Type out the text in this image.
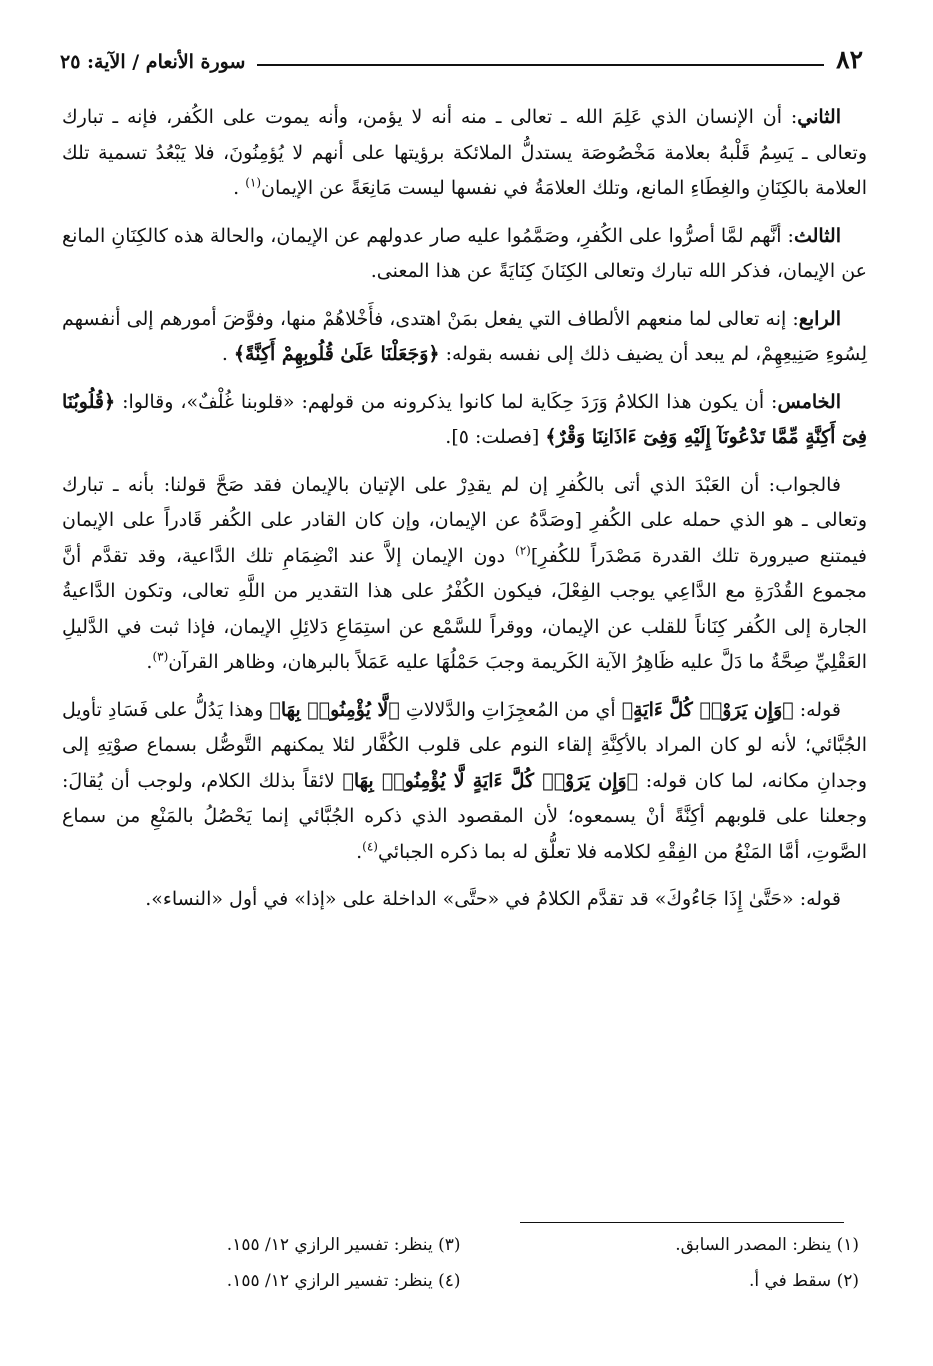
٨٢
سورة الأنعام / الآية: ٢٥

الثاني: أن الإنسان الذي عَلِمَ الله ـ تعالى ـ منه أنه لا يؤمن، وأنه يموت على الكُفر، فإنه ـ تبارك وتعالى ـ يَسِمُ قَلْبهُ بعلامة مَخْصُوصَة يستدلُّ الملائكة برؤيتها على أنهم لا يُؤمِنُونَ، فلا يَبْعُدُ تسمية تلك العلامة بالكِنَانِ والغِطَاءِ المانع، وتلك العلامَةُ في نفسها ليست مَانِعَةً عن الإيمان$^{(١)}$ .

الثالث: أنَّهم لمَّا أصرُّوا على الكُفرِ، وصَمَّمُوا عليه صار عدولهم عن الإيمان، والحالة هذه كالكِنَانِ المانع عن الإيمان، فذكر الله تبارك وتعالى الكِنَانَ كِنَايَةً عن هذا المعنى.

الرابع: إنه تعالى لما منعهم الألطاف التي يفعل بمَنْ اهتدى، فأَخْلاهُمْ منها، وفوَّضَ أمورهم إلى أنفسهم لِسُوءِ صَنِيعِهِمْ، لم يبعد أن يضيف ذلك إلى نفسه بقوله: ﴿وَجَعَلْنَا عَلَىٰ قُلُوبِهِمْ أَكِنَّةً﴾ .

الخامس: أن يكون هذا الكلامُ وَرَدَ حِكَاية لما كانوا يذكرونه من قولهم: «قلوبنا غُلْفٌ»، وقالوا: ﴿قُلُوبُنَا فِىٓ أَكِنَّةٍ مِّمَّا تَدْعُونَآ إِلَيْهِ وَفِىٓ ءَاذَانِنَا وَقْرٌ﴾ [فصلت: ٥].

فالجواب: أن العَبْدَ الذي أتى بالكُفرِ إن لم يقدِرْ على الإتيان بالإيمان فقد صَحَّ قولنا: بأنه ـ تبارك وتعالى ـ هو الذي حمله على الكُفرِ [وصَدَّهُ عن الإيمان، وإن كان القادر على الكُفر قَادراً على الإيمان فيمتنع صيرورة تلك القدرة مَصْدَراً للكُفرِ]$^{(٢)}$ دون الإيمان إلاَّ عند انْضِمَامِ تلك الدَّاعية، وقد تقدَّم أنَّ مجموع القُدْرَةِ مع الدَّاعِي يوجب الفِعْلَ، فيكون الكُفْرُ على هذا التقدير من اللَّهِ تعالى، وتكون الدَّاعيةُ الجارة إلى الكُفر كِنَاناً للقلب عن الإيمان، ووقراً للسَّمْع عن استِمَاعِ دَلائِلِ الإيمان، فإذا ثبت في الدَّليلِ العَقْلِيِّ صِحَّةُ ما دَلَّ عليه ظَاهِرُ الآية الكَريمة وجبَ حَمْلُهَا عليه عَمَلاً بالبرهان، وظاهر القرآن$^{(٣)}$.

قوله: ﴿وَإِن يَرَوْا۟ كُلَّ ءَايَةٍ﴾ أي من المُعجِزَاتِ والدَّلالاتِ ﴿لَّا يُؤْمِنُوا۟ بِهَا﴾ وهذا يَدُلُّ على فَسَادِ تأويل الجُبَّائي؛ لأنه لو كان المراد بالأكِنَّةِ إلقاء النوم على قلوب الكُفَّار لئلا يمكنهم التَّوصُّل بسماع صوْتِهِ إلى وجدانِ مكانه، لما كان قوله: ﴿وَإِن يَرَوْا۟ كُلَّ ءَايَةٍ لَّا يُؤْمِنُوا۟ بِهَا﴾ لائقاً بذلك الكلام، ولوجب أن يُقالَ: وجعلنا على قلوبهم أكِنَّةً أنْ يسمعوه؛ لأن المقصود الذي ذكره الجُبَّائي إنما يَحْصُلُ بالمَنْعِ من سماع الصَّوتِ، أمَّا المَنْعُ من الفِقْهِ لكلامه فلا تعلُّق له بما ذكره الجبائي$^{(٤)}$.

قوله: «حَتَّىٰ إِذَا جَاءُوكَ» قد تقدَّم الكلامُ في «حتَّى» الداخلة على «إذا» في أول «النساء».

(١) ينظر: المصدر السابق.
(٣) ينظر: تفسير الرازي ١٢/ ١٥٥.
(٢) سقط في أ.
(٤) ينظر: تفسير الرازي ١٢/ ١٥٥.
